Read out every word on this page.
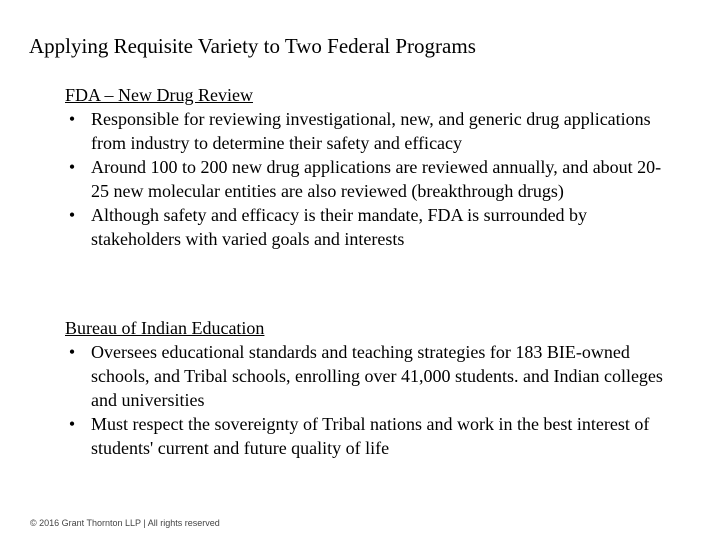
Applying Requisite Variety to Two Federal Programs
FDA – New Drug Review
• Responsible for reviewing investigational, new, and generic drug applications from industry to determine their safety and efficacy
• Around 100 to 200 new drug applications are reviewed annually, and about 20-25 new molecular entities are also reviewed (breakthrough drugs)
• Although safety and efficacy is their mandate, FDA is surrounded by stakeholders with varied goals and interests
Bureau of Indian Education
• Oversees educational standards and teaching strategies for 183 BIE-owned schools, and Tribal schools, enrolling over 41,000 students. and Indian colleges and universities
• Must respect the sovereignty of Tribal nations and work in the best interest of students' current and future quality of life
© 2016 Grant Thornton LLP | All rights reserved
